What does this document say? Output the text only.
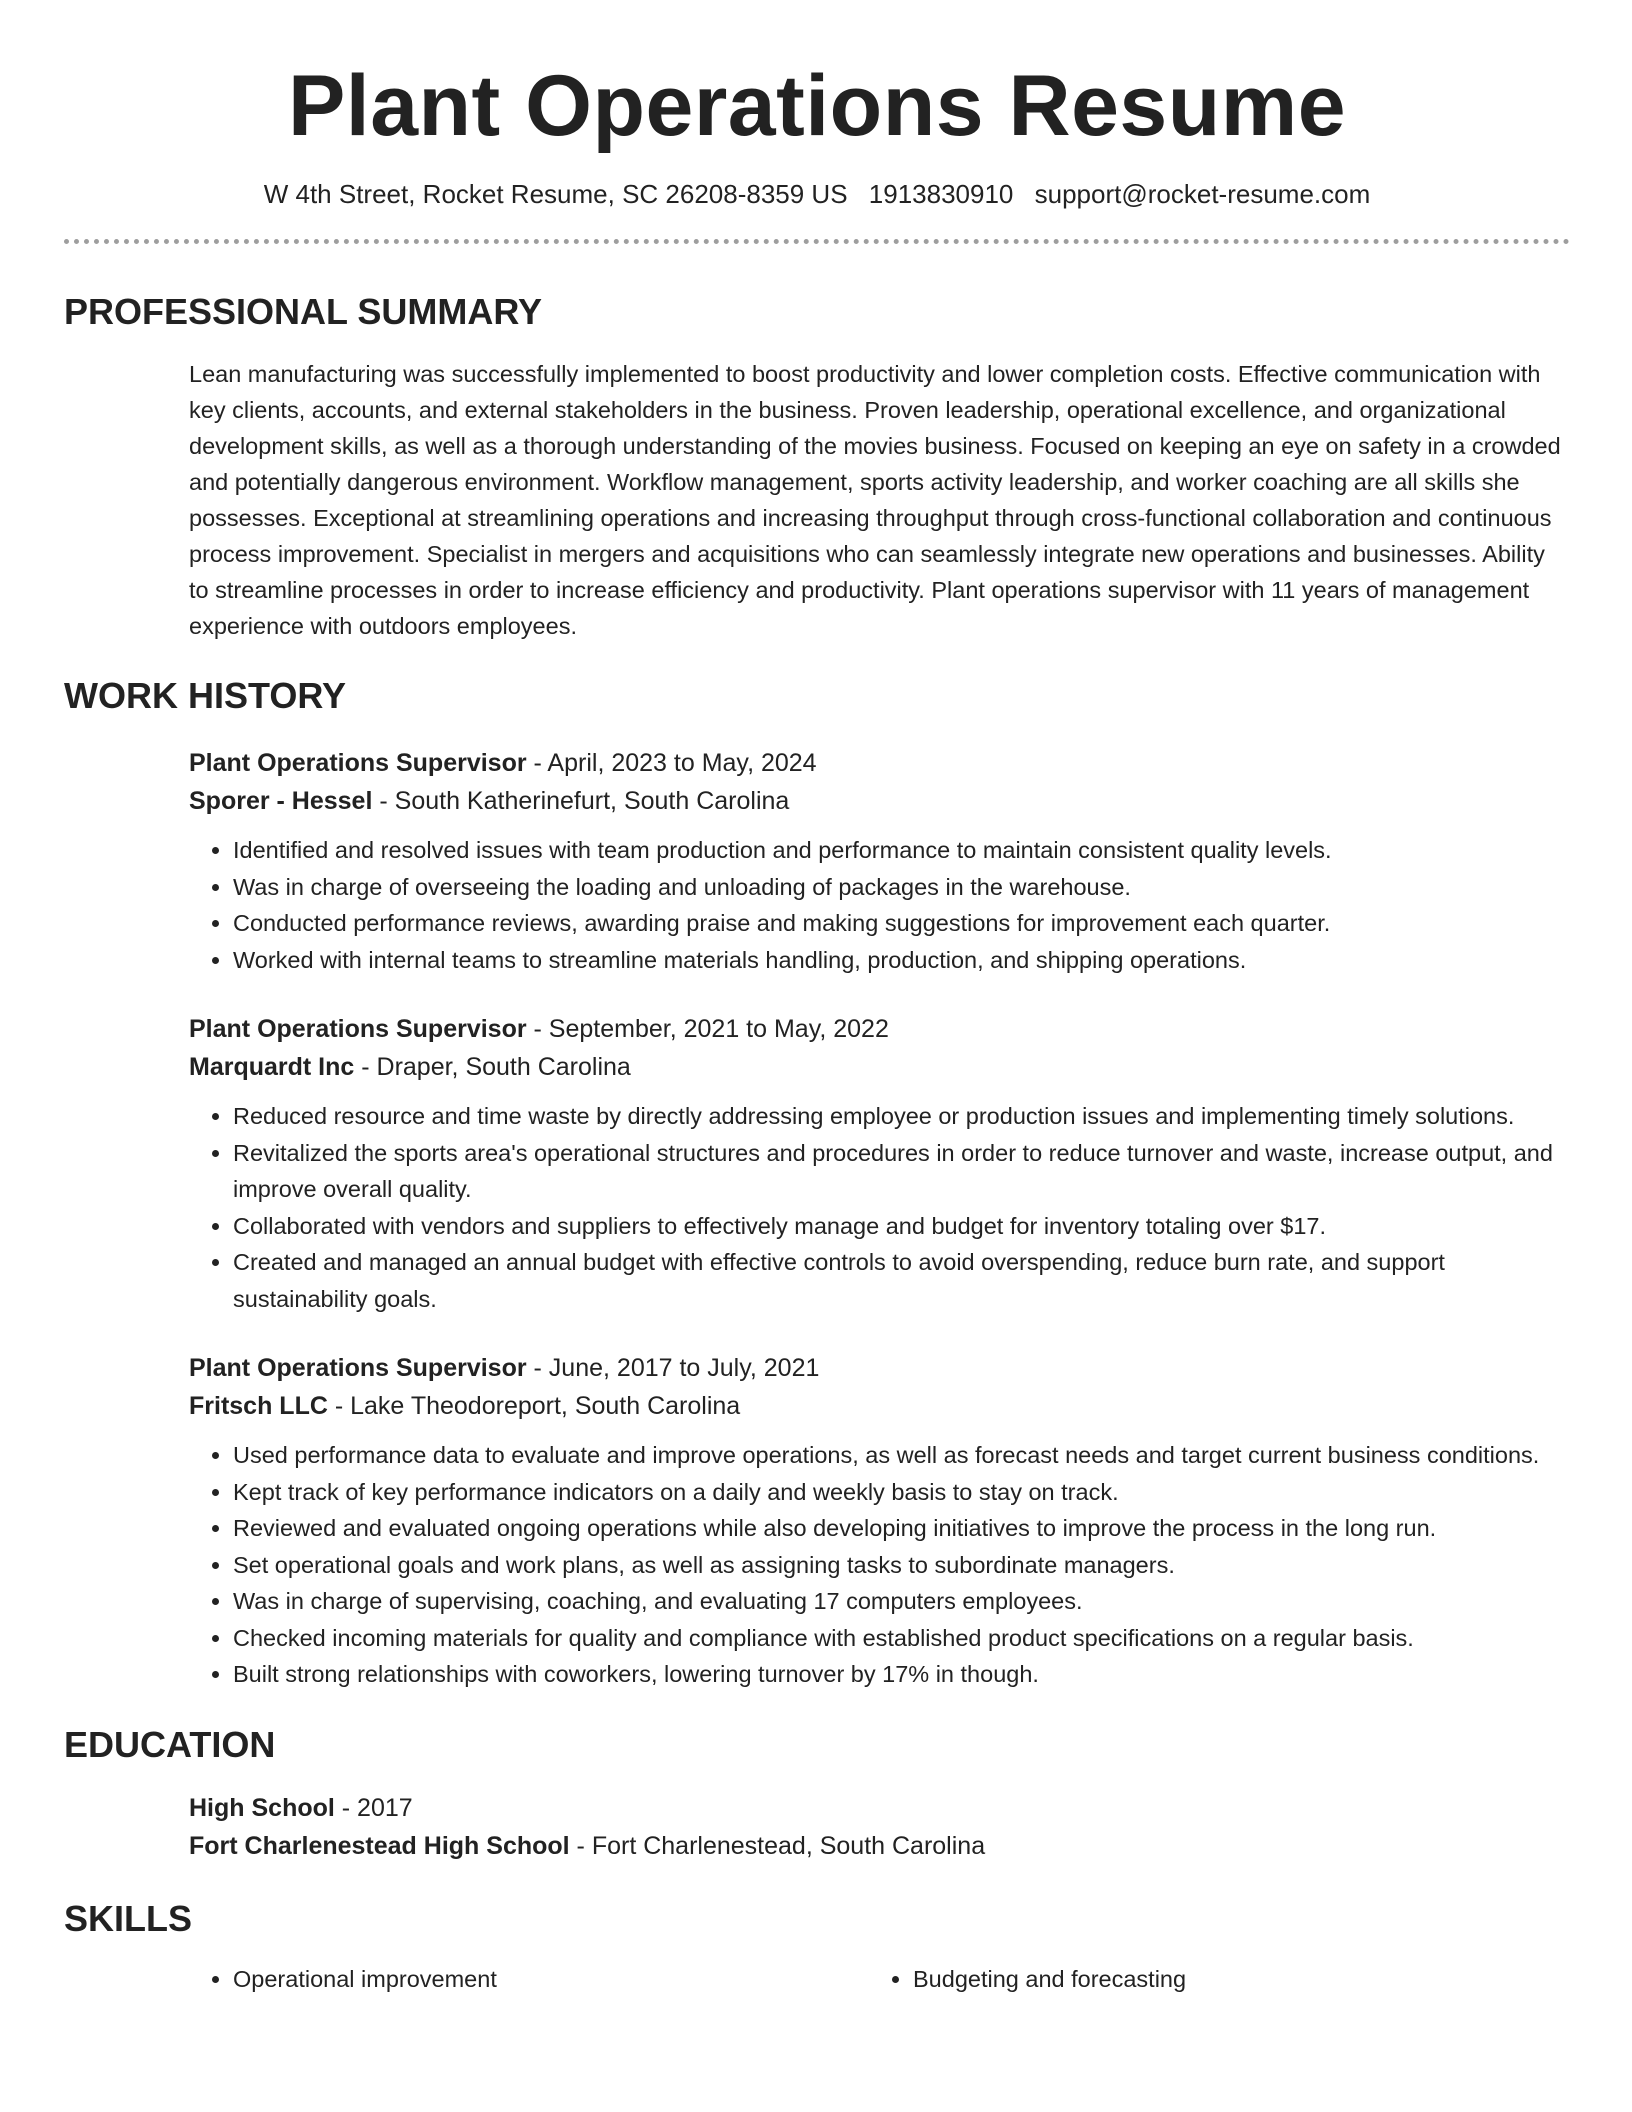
Plant Operations Resume
W 4th Street, Rocket Resume, SC 26208-8359 US 1913830910 support@rocket-resume.com
PROFESSIONAL SUMMARY

Lean manufacturing was successfully implemented to boost productivity and lower completion costs. Effective communication with key clients, accounts, and external stakeholders in the business. Proven leadership, operational excellence, and organizational development skills, as well as a thorough understanding of the movies business. Focused on keeping an eye on safety in a crowded and potentially dangerous environment. Workflow management, sports activity leadership, and worker coaching are all skills she possesses. Exceptional at streamlining operations and increasing throughput through cross-functional collaboration and continuous process improvement. Specialist in mergers and acquisitions who can seamlessly integrate new operations and businesses. Ability to streamline processes in order to increase efficiency and productivity. Plant operations supervisor with 11 years of management experience with outdoors employees.

WORK HISTORY
Plant Operations Supervisor - April, 2023 to May, 2024
Sporer - Hessel - South Katherinefurt, South Carolina
• Identified and resolved issues with team production and performance to maintain consistent quality levels.
• Was in charge of overseeing the loading and unloading of packages in the warehouse.
• Conducted performance reviews, awarding praise and making suggestions for improvement each quarter.
• Worked with internal teams to streamline materials handling, production, and shipping operations.
Plant Operations Supervisor - September, 2021 to May, 2022
Marquardt Inc - Draper, South Carolina
• Reduced resource and time waste by directly addressing employee or production issues and implementing timely solutions.
• Revitalized the sports area's operational structures and procedures in order to reduce turnover and waste, increase output, and improve overall quality.
• Collaborated with vendors and suppliers to effectively manage and budget for inventory totaling over $17.
• Created and managed an annual budget with effective controls to avoid overspending, reduce burn rate, and support sustainability goals.
Plant Operations Supervisor - June, 2017 to July, 2021
Fritsch LLC - Lake Theodoreport, South Carolina
• Used performance data to evaluate and improve operations, as well as forecast needs and target current business conditions.
• Kept track of key performance indicators on a daily and weekly basis to stay on track.
• Reviewed and evaluated ongoing operations while also developing initiatives to improve the process in the long run.
• Set operational goals and work plans, as well as assigning tasks to subordinate managers.
• Was in charge of supervising, coaching, and evaluating 17 computers employees.
• Checked incoming materials for quality and compliance with established product specifications on a regular basis.
• Built strong relationships with coworkers, lowering turnover by 17% in though.
EDUCATION
High School - 2017
Fort Charlenestead High School - Fort Charlenestead, South Carolina
SKILLS
• Operational improvement
•	Budgeting and forecasting
